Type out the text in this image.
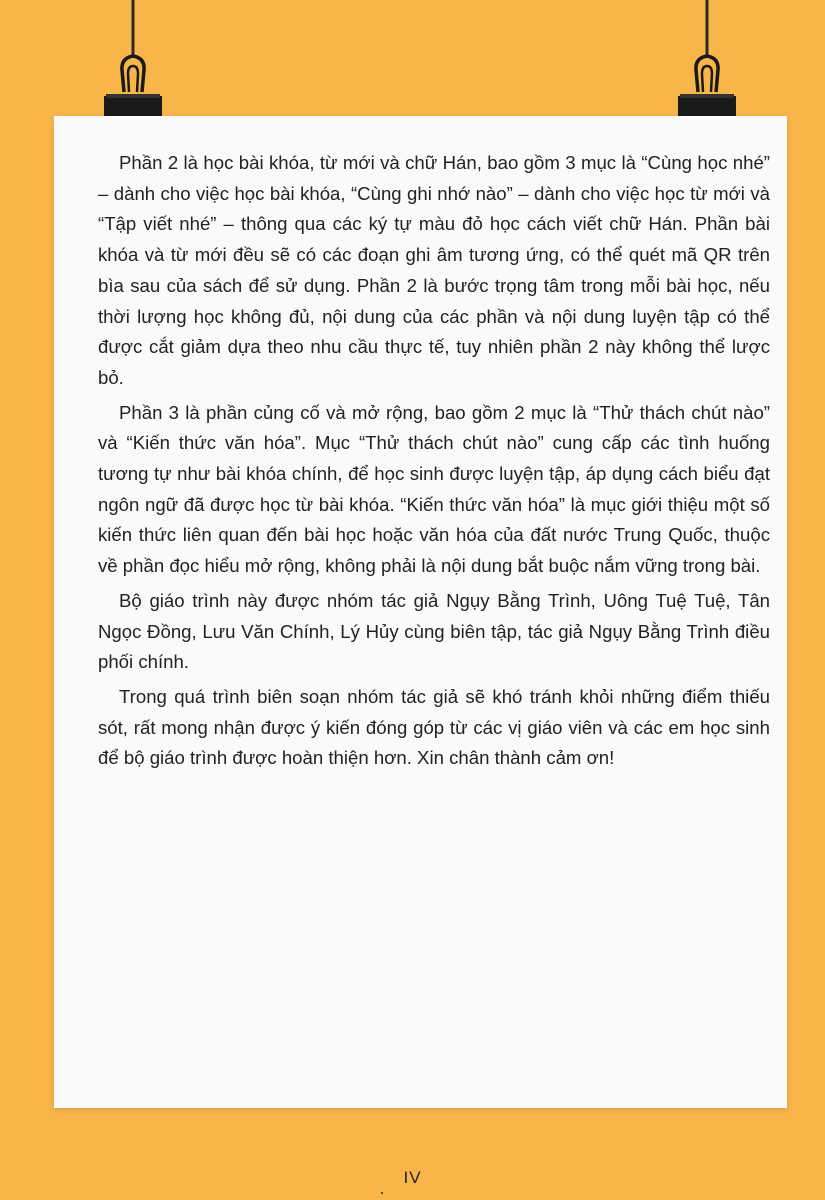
Phần 2 là học bài khóa, từ mới và chữ Hán, bao gồm 3 mục là “Cùng học nhé” – dành cho việc học bài khóa, “Cùng ghi nhớ nào” – dành cho việc học từ mới và “Tập viết nhé” – thông qua các ký tự màu đỏ học cách viết chữ Hán. Phần bài khóa và từ mới đều sẽ có các đoạn ghi âm tương ứng, có thể quét mã QR trên bìa sau của sách để sử dụng. Phần 2 là bước trọng tâm trong mỗi bài học, nếu thời lượng học không đủ, nội dung của các phần và nội dung luyện tập có thể được cắt giảm dựa theo nhu cầu thực tế, tuy nhiên phần 2 này không thể lược bỏ.

Phần 3 là phần củng cố và mở rộng, bao gồm 2 mục là “Thử thách chút nào” và “Kiến thức văn hóa”. Mục “Thử thách chút nào” cung cấp các tình huống tương tự như bài khóa chính, để học sinh được luyện tập, áp dụng cách biểu đạt ngôn ngữ đã được học từ bài khóa. “Kiến thức văn hóa” là mục giới thiệu một số kiến thức liên quan đến bài học hoặc văn hóa của đất nước Trung Quốc, thuộc về phần đọc hiểu mở rộng, không phải là nội dung bắt buộc nắm vững trong bài.

Bộ giáo trình này được nhóm tác giả Ngụy Bằng Trình, Uông Tuệ Tuệ, Tân Ngọc Đồng, Lưu Văn Chính, Lý Hủy cùng biên tập, tác giả Ngụy Bằng Trình điều phối chính.

Trong quá trình biên soạn nhóm tác giả sẽ khó tránh khỏi những điểm thiếu sót, rất mong nhận được ý kiến đóng góp từ các vị giáo viên và các em học sinh để bộ giáo trình được hoàn thiện hơn. Xin chân thành cảm ơn!

IV
